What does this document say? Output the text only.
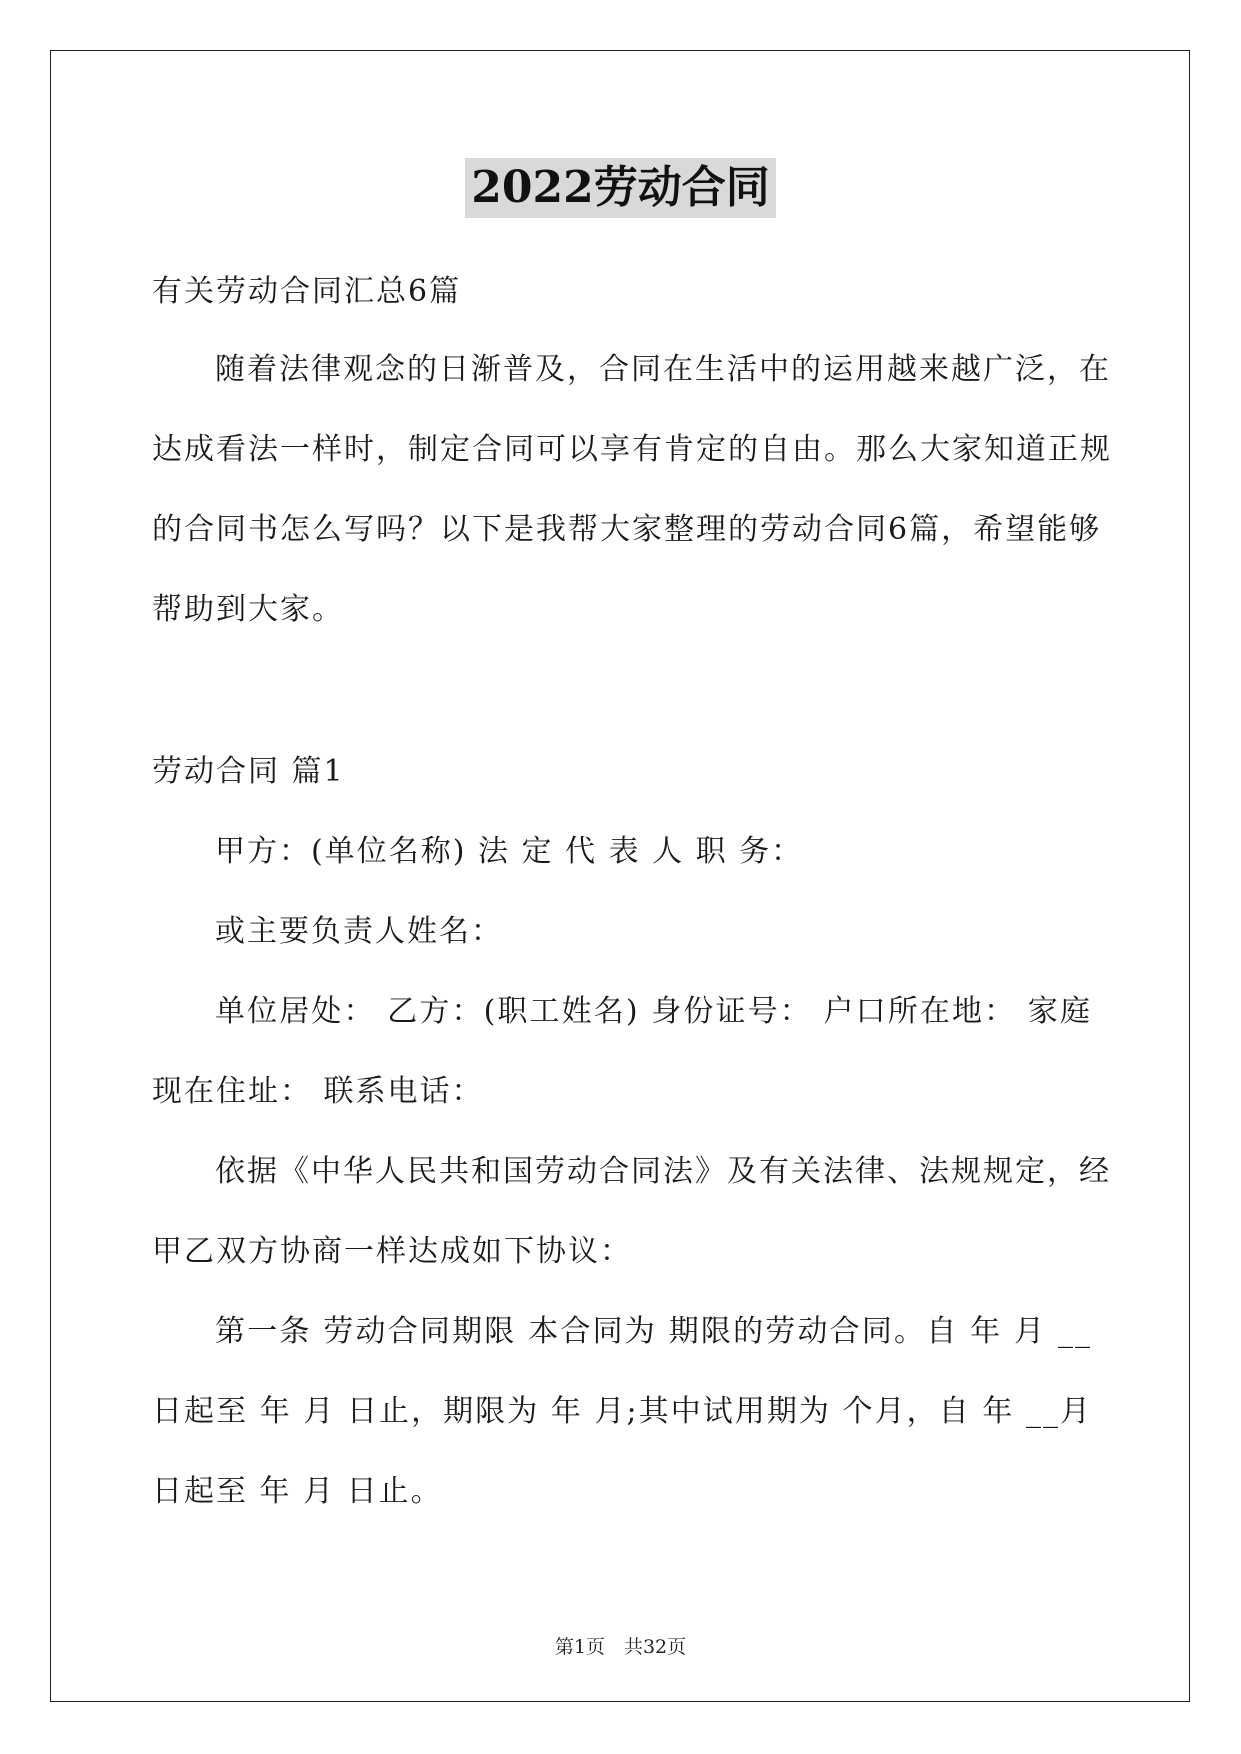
2022劳动合同
有关劳动合同汇总6篇
随着法律观念的日渐普及，合同在生活中的运用越来越广泛，在
达成看法一样时，制定合同可以享有肯定的自由。那么大家知道正规
的合同书怎么写吗？以下是我帮大家整理的劳动合同6篇，希望能够
帮助到大家。
劳动合同 篇1
甲方：(单位名称) 法 定 代 表 人 职 务：
或主要负责人姓名：
单位居处： 乙方：(职工姓名) 身份证号： 户口所在地： 家庭
现在住址： 联系电话：
依据《中华人民共和国劳动合同法》及有关法律、法规规定，经
甲乙双方协商一样达成如下协议：
第一条 劳动合同期限 本合同为 期限的劳动合同。自 年 月 __
日起至 年 月 日止，期限为 年 月;其中试用期为 个月，自 年 __月
日起至 年 月 日止。
第1页　共32页
